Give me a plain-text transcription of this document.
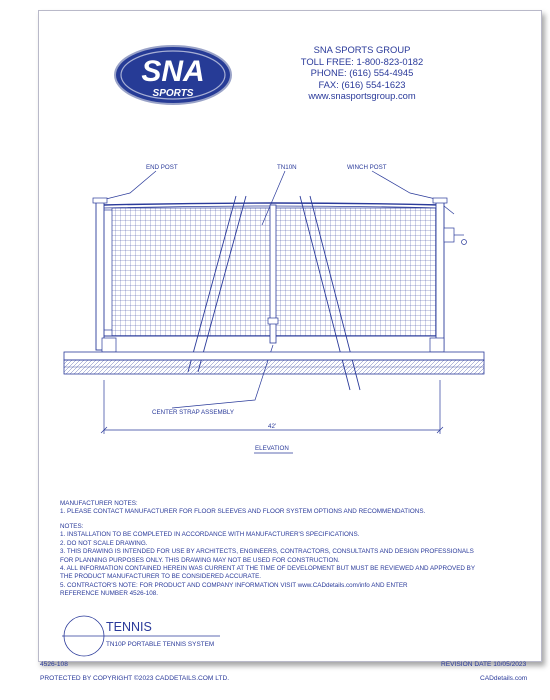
SNA
SPORTS
SNA SPORTS GROUP
TOLL FREE: 1-800-823-0182
PHONE: (616) 554-4945
FAX: (616) 554-1623
www.snasportsgroup.com
END POST	TN10N	WINCH POST
CENTER STRAP ASSEMBLY
42'
ELEVATION
MANUFACTURER NOTES:
1. PLEASE CONTACT MANUFACTURER FOR FLOOR SLEEVES AND FLOOR SYSTEM OPTIONS AND RECOMMENDATIONS.
NOTES:
1. INSTALLATION TO BE COMPLETED IN ACCORDANCE WITH MANUFACTURER'S SPECIFICATIONS.
2. DO NOT SCALE DRAWING.
3. THIS DRAWING IS INTENDED FOR USE BY ARCHITECTS, ENGINEERS, CONTRACTORS, CONSULTANTS AND DESIGN PROFESSIONALS
FOR PLANNING PURPOSES ONLY. THIS DRAWING MAY NOT BE USED FOR CONSTRUCTION.
4. ALL INFORMATION CONTAINED HEREIN WAS CURRENT AT THE TIME OF DEVELOPMENT BUT MUST BE REVIEWED AND APPROVED BY
THE PRODUCT MANUFACTURER TO BE CONSIDERED ACCURATE.
5. CONTRACTOR'S NOTE: FOR PRODUCT AND COMPANY INFORMATION VISIT www.CADdetails.com/info AND ENTER
REFERENCE NUMBER 4526-108.
TENNIS
TN10P PORTABLE TENNIS SYSTEM
4526-108	REVISION DATE 10/05/2023
PROTECTED BY COPYRIGHT ©2023 CADDETAILS.COM LTD.	CADdetails.com
